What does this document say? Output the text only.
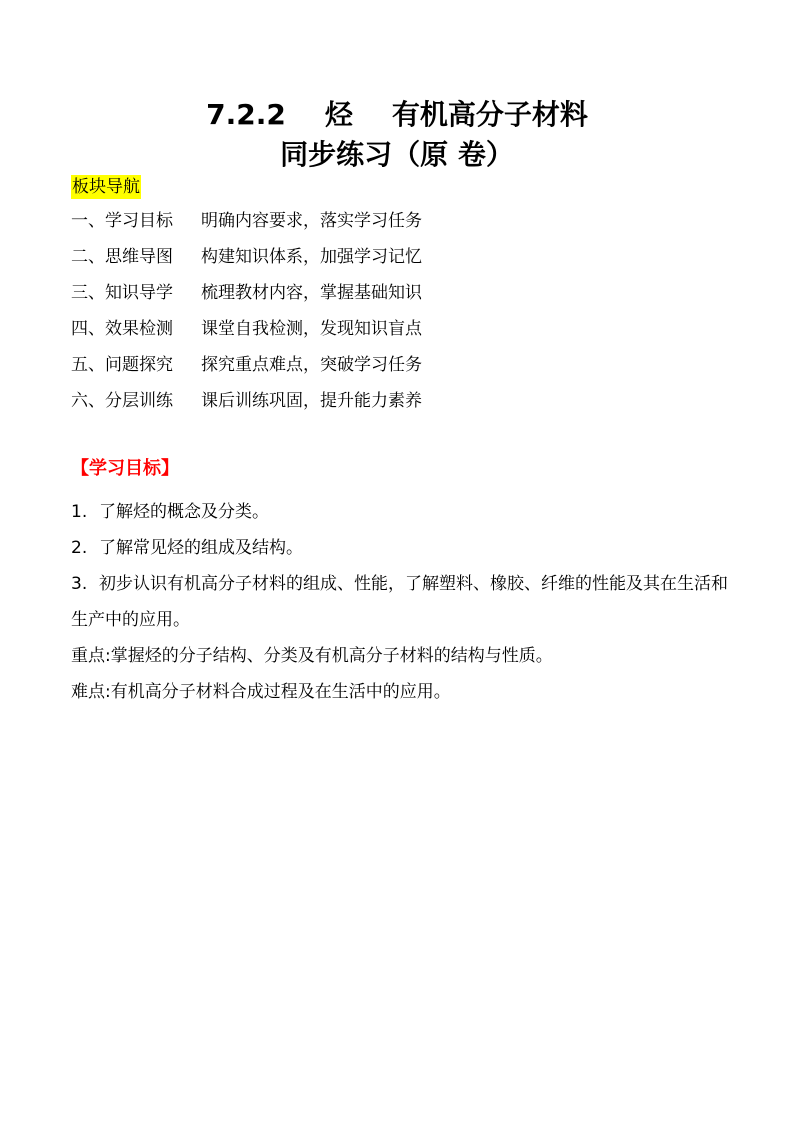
7.2.2    烃    有机高分子材料
同步练习（原 卷）
板块导航
一、学习目标	明确内容要求，落实学习任务
二、思维导图	构建知识体系，加强学习记忆
三、知识导学	梳理教材内容，掌握基础知识
四、效果检测	课堂自我检测，发现知识盲点
五、问题探究	探究重点难点，突破学习任务
六、分层训练	课后训练巩固，提升能力素养
【学习目标】

1. 了解烃的概念及分类。

2. 了解常见烃的组成及结构。

3. 初步认识有机高分子材料的组成、性能，了解塑料、橡胶、纤维的性能及其在生活和生产中的应用。

重点:掌握烃的分子结构、分类及有机高分子材料的结构与性质。

难点:有机高分子材料合成过程及在生活中的应用。
